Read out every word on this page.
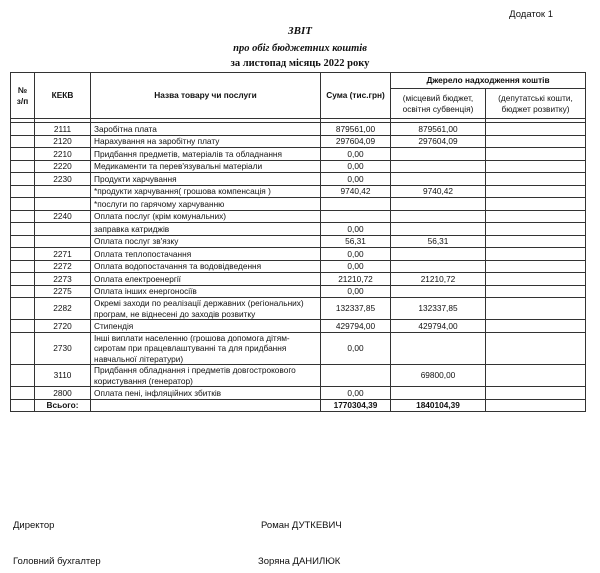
Додаток 1
ЗВІТ
про обіг бюджетних коштів
за листопад місяць 2022 року
№ з/п	КЕКВ	Назва товару чи послуги	Сума (тис.грн)	Джерело надходження коштів	
				(місцевий бюджет, освітня субвенція)	(депутатські кошти, бюджет розвитку)

	2111	Заробітна плата	879561,00	879561,00	
	2120	Нарахування на заробітну плату	297604,09	297604,09	
	2210	Придбання предметів, матеріалів та обладнання	0,00		
	2220	Медикаменти та перев'язувальні матеріали	0,00		
	2230	Продукти харчування	0,00		
		*продукти харчування( грошова компенсація )	9740,42	9740,42	
		*послуги по гарячому харчуванню			
	2240	Оплата послуг (крім комунальних)			
		заправка катриджів	0,00		
		Оплата послуг зв'язку	56,31	56,31	
	2271	Оплата теплопостачання	0,00		
	2272	Оплата водопостачання та водовідведення	0,00		
	2273	Оплата електроенергії	21210,72	21210,72	
	2275	Оплата інших енергоносіїв	0,00		
	2282	Окремі заходи по реалізації державних (регіональних) програм, не віднесені до заходів розвитку	132337,85	132337,85	
	2720	Стипендія	429794,00	429794,00	
	2730	Інші виплати населенню (грошова допомога дітям-сиротам при працевлаштуванні та для придбання навчальної літератури)	0,00		
	3110	Придбання обладнання і предметів довгострокового користування (генератор)		69800,00	
	2800	Оплата пені, інфляційних збитків	0,00		
	Всього:		1770304,39	1840104,39	
Директор	Роман ДУТКЕВИЧ
Головний бухгалтер	Зоряна ДАНИЛЮК
